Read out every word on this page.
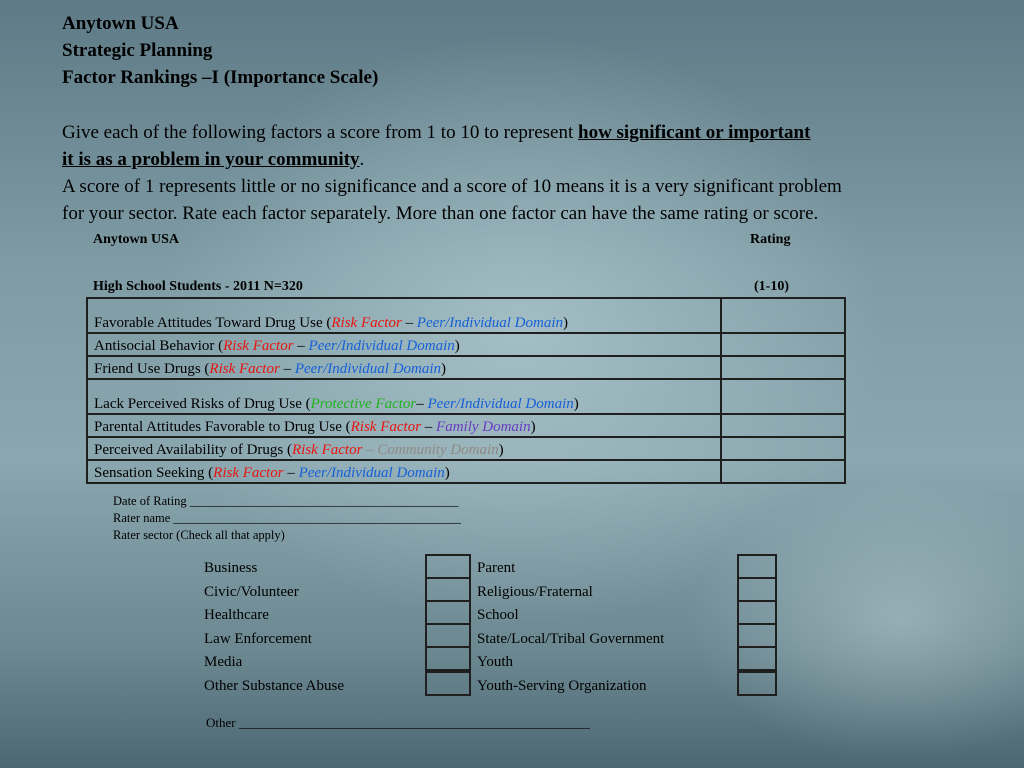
Anytown USA
Strategic Planning
Factor Rankings –I (Importance Scale)
Give each of the following factors a score from 1 to 10 to represent how significant or important
it is as a problem in your community.
A score of 1 represents little or no significance and a score of 10 means it is a very significant problem
for your sector. Rate each factor separately. More than one factor can have the same rating or score.
Anytown USA	Rating
High School Students - 2011 N=320	(1-10)
Favorable Attitudes Toward Drug Use (Risk Factor – Peer/Individual Domain)	
Antisocial Behavior (Risk Factor – Peer/Individual Domain)	
Friend Use Drugs (Risk Factor – Peer/Individual Domain)	
Lack Perceived Risks of Drug Use (Protective Factor– Peer/Individual Domain)	
Parental Attitudes Favorable to Drug Use (Risk Factor – Family Domain)	
Perceived Availability of Drugs (Risk Factor – Community Domain)	
Sensation Seeking (Risk Factor – Peer/Individual Domain)	
Date of Rating ___________________________________________
Rater name ______________________________________________
Rater sector (Check all that apply)
Business
Civic/Volunteer
Healthcare
Law Enforcement
Media
Other Substance Abuse
Parent
Religious/Fraternal
School
State/Local/Tribal Government
Youth
Youth-Serving Organization
Other ______________________________________________________
